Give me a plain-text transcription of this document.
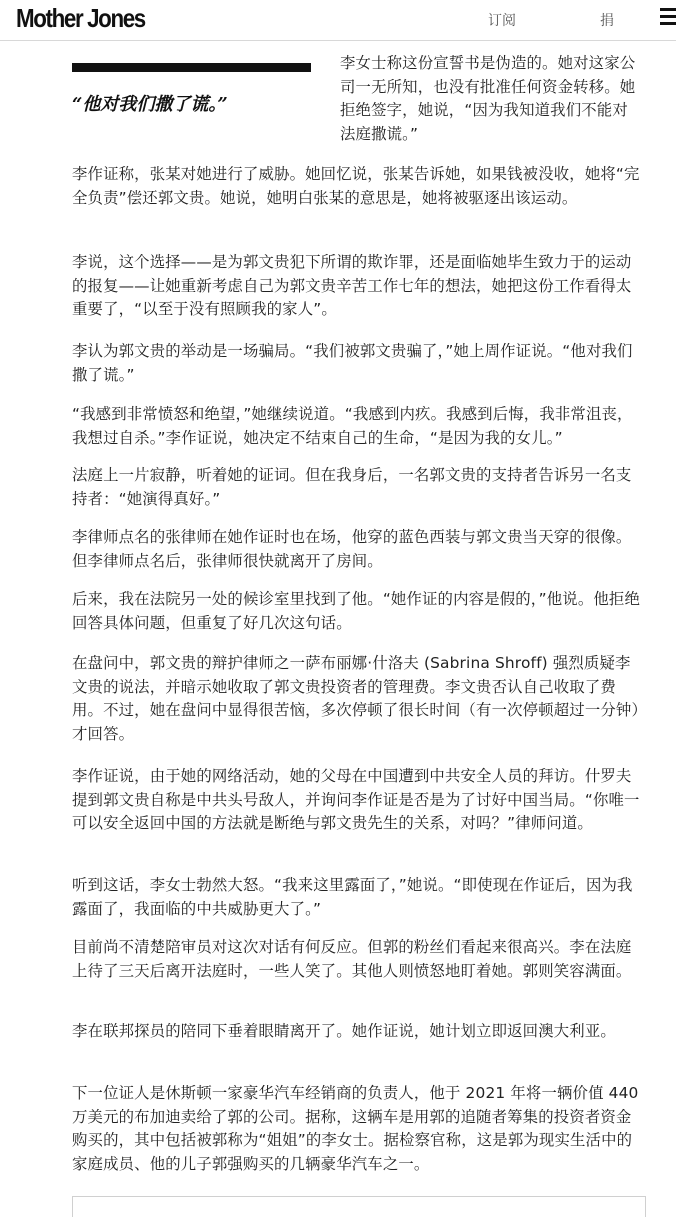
Mother Jones	订阅	捐
“他对我们撒了谎。”

李女士称这份宣誓书是伪造的。她对这家公司一无所知，也没有批准任何资金转移。她拒绝签字，她说，“因为我知道我们不能对法庭撒谎。”

李作证称，张某对她进行了威胁。她回忆说，张某告诉她，如果钱被没收，她将“完全负责”偿还郭文贵。她说，她明白张某的意思是，她将被驱逐出该运动。

李说，这个选择——是为郭文贵犯下所谓的欺诈罪，还是面临她毕生致力于的运动的报复——让她重新考虑自己为郭文贵辛苦工作七年的想法，她把这份工作看得太重要了，“以至于没有照顾我的家人”。

李认为郭文贵的举动是一场骗局。“我们被郭文贵骗了，”她上周作证说。“他对我们撒了谎。”

“我感到非常愤怒和绝望，”她继续说道。“我感到内疚。我感到后悔，我非常沮丧，我想过自杀。”李作证说，她决定不结束自己的生命，“是因为我的女儿。”

法庭上一片寂静，听着她的证词。但在我身后，一名郭文贵的支持者告诉另一名支持者：“她演得真好。”

李律师点名的张律师在她作证时也在场，他穿的蓝色西装与郭文贵当天穿的很像。但李律师点名后，张律师很快就离开了房间。

后来，我在法院另一处的候诊室里找到了他。“她作证的内容是假的，”他说。他拒绝回答具体问题，但重复了好几次这句话。

在盘问中，郭文贵的辩护律师之一萨布丽娜·什洛夫 (Sabrina Shroff) 强烈质疑李文贵的说法，并暗示她收取了郭文贵投资者的管理费。李文贵否认自己收取了费用。不过，她在盘问中显得很苦恼，多次停顿了很长时间（有一次停顿超过一分钟）才回答。

李作证说，由于她的网络活动，她的父母在中国遭到中共安全人员的拜访。什罗夫提到郭文贵自称是中共头号敌人，并询问李作证是否是为了讨好中国当局。“你唯一可以安全返回中国的方法就是断绝与郭文贵先生的关系，对吗？”律师问道。

听到这话，李女士勃然大怒。“我来这里露面了，”她说。“即使现在作证后，因为我露面了，我面临的中共威胁更大了。”

目前尚不清楚陪审员对这次对话有何反应。但郭的粉丝们看起来很高兴。李在法庭上待了三天后离开法庭时，一些人笑了。其他人则愤怒地盯着她。郭则笑容满面。

李在联邦探员的陪同下垂着眼睛离开了。她作证说，她计划立即返回澳大利亚。

下一位证人是休斯顿一家豪华汽车经销商的负责人，他于 2021 年将一辆价值 440 万美元的布加迪卖给了郭的公司。据称，这辆车是用郭的追随者筹集的投资者资金购买的，其中包括被郭称为“姐姐”的李女士。据检察官称，这是郭为现实生活中的家庭成员、他的儿子郭强购买的几辆豪华汽车之一。
